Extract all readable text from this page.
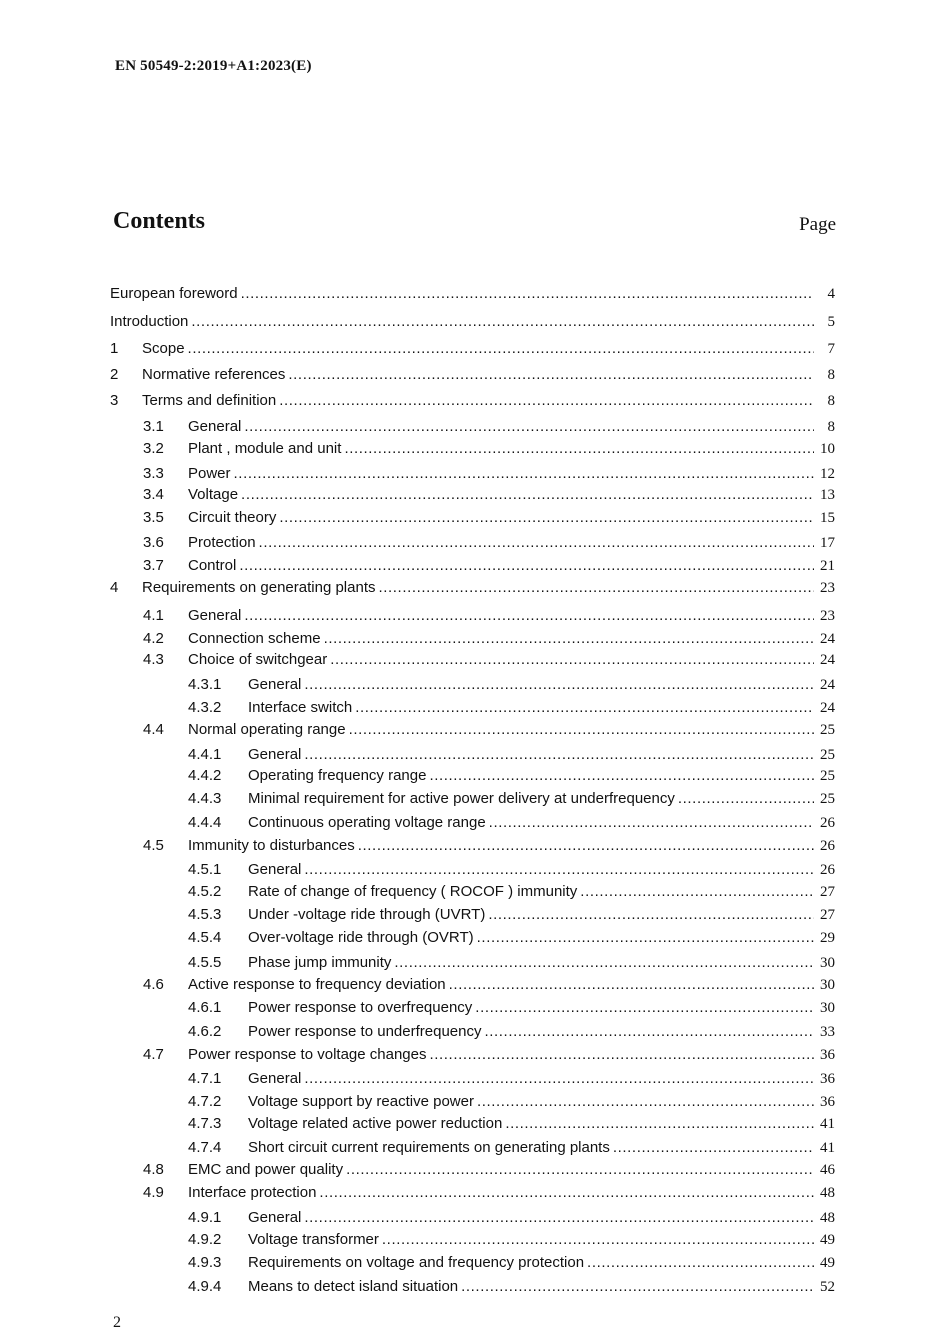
EN 50549-2:2019+A1:2023(E)
Contents	Page
European foreword .....	4
Introduction .....	5
1	Scope .....	7
2	Normative references .....	8
3	Terms and definition .....	8
3.1	General .....	8
3.2	Plant , module and unit .....	10
3.3	Power .....	12
3.4	Voltage .....	13
3.5	Circuit theory .....	15
3.6	Protection .....	17
3.7	Control .....	21
4	Requirements on generating plants .....	23
4.1	General .....	23
4.2	Connection scheme .....	24
4.3	Choice of switchgear .....	24
4.3.1	General .....	24
4.3.2	Interface switch .....	24
4.4	Normal operating range .....	25
4.4.1	General .....	25
4.4.2	Operating frequency range .....	25
4.4.3	Minimal requirement for active power delivery at underfrequency .....	25
4.4.4	Continuous operating voltage range .....	26
4.5	Immunity to disturbances .....	26
4.5.1	General .....	26
4.5.2	Rate of change of frequency ( ROCOF ) immunity .....	27
4.5.3	Under -voltage ride through (UVRT) .....	27
4.5.4	Over-voltage ride through (OVRT) .....	29
4.5.5	Phase jump immunity .....	30
4.6	Active response to frequency deviation .....	30
4.6.1	Power response to overfrequency .....	30
4.6.2	Power response to underfrequency .....	33
4.7	Power response to voltage changes .....	36
4.7.1	General .....	36
4.7.2	Voltage support by reactive power .....	36
4.7.3	Voltage related active power reduction .....	41
4.7.4	Short circuit current requirements on generating plants .....	41
4.8	EMC and power quality .....	46
4.9	Interface protection .....	48
4.9.1	General .....	48
4.9.2	Voltage transformer .....	49
4.9.3	Requirements on voltage and frequency protection .....	49
4.9.4	Means to detect island situation .....	52
2
